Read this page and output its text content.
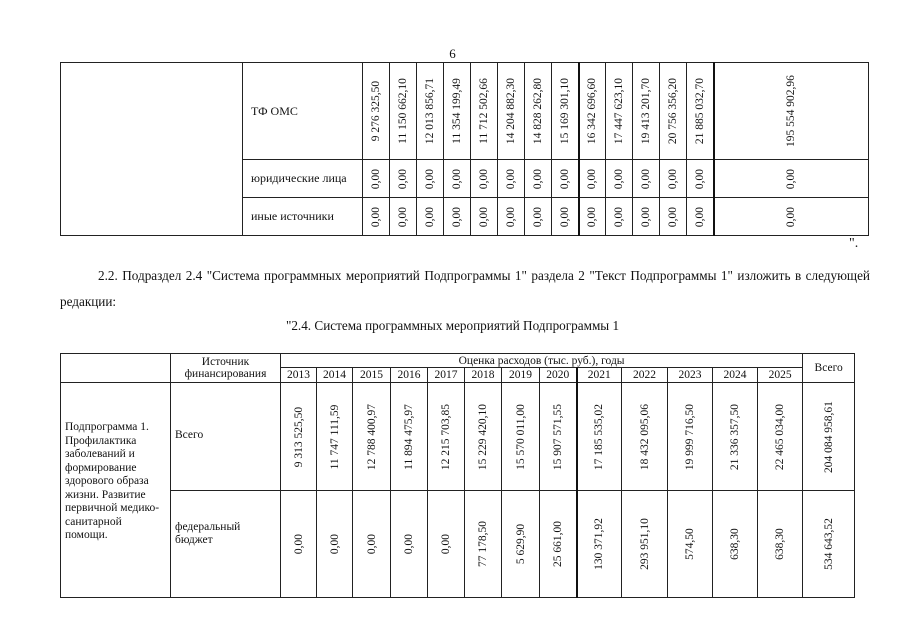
6
	ТФ ОМС	9 276 325,50	11 150 662,10	12 013 856,71	11 354 199,49	11 712 502,66	14 204 882,30	14 828 262,80	15 169 301,10	16 342 696,60	17 447 623,10	19 413 201,70	20 756 356,20	21 885 032,70	195 554 902,96

	юридические лица	0,00	0,00	0,00	0,00	0,00	0,00	0,00	0,00	0,00	0,00	0,00	0,00	0,00	0,00

	иные источники	0,00	0,00	0,00	0,00	0,00	0,00	0,00	0,00	0,00	0,00	0,00	0,00	0,00	0,00
".
2.2. Подраздел 2.4 "Система программных мероприятий Подпрограммы 1" раздела 2 "Текст Подпрограммы 1" изложить в следующей редакции:
"2.4. Система программных мероприятий Подпрограммы 1
	Источник финансирования	Оценка расходов (тыс. руб.), годы													Всего
		2013	2014	2015	2016	2017	2018	2019	2020	2021	2022	2023	2024	2025	
Подпрограмма 1. Профилактика заболеваний и формирование здорового образа жизни. Развитие первичной медико-санитарной помощи.	Всего	9 313 525,50	11 747 111,59	12 788 400,97	11 894 475,97	12 215 703,85	15 229 420,10	15 570 011,00	15 907 571,55	17 185 535,02	18 432 095,06	19 999 716,50	21 336 357,50	22 465 034,00	204 084 958,61

	федеральный бюджет	0,00	0,00	0,00	0,00	0,00	77 178,50	5 629,90	25 661,00	130 371,92	293 951,10	574,50	638,30	638,30	534 643,52
